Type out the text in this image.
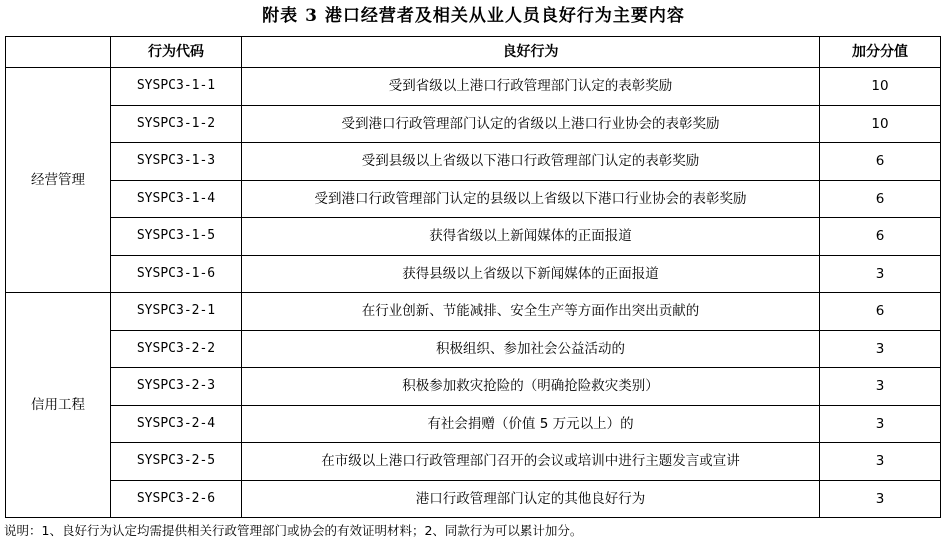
附表 3 港口经营者及相关从业人员良好行为主要内容
	行为代码	良好行为	加分分值
经营管理	SYSPC3-1-1	受到省级以上港口行政管理部门认定的表彰奖励	10
	SYSPC3-1-2	受到港口行政管理部门认定的省级以上港口行业协会的表彰奖励	10
	SYSPC3-1-3	受到县级以上省级以下港口行政管理部门认定的表彰奖励	6
	SYSPC3-1-4	受到港口行政管理部门认定的县级以上省级以下港口行业协会的表彰奖励	6
	SYSPC3-1-5	获得省级以上新闻媒体的正面报道	6
	SYSPC3-1-6	获得县级以上省级以下新闻媒体的正面报道	3
信用工程	SYSPC3-2-1	在行业创新、节能减排、安全生产等方面作出突出贡献的	6
	SYSPC3-2-2	积极组织、参加社会公益活动的	3
	SYSPC3-2-3	积极参加救灾抢险的（明确抢险救灾类别）	3
	SYSPC3-2-4	有社会捐赠（价值 5 万元以上）的	3
	SYSPC3-2-5	在市级以上港口行政管理部门召开的会议或培训中进行主题发言或宣讲	3
	SYSPC3-2-6	港口行政管理部门认定的其他良好行为	3
说明：1、良好行为认定均需提供相关行政管理部门或协会的有效证明材料；2、同款行为可以累计加分。
